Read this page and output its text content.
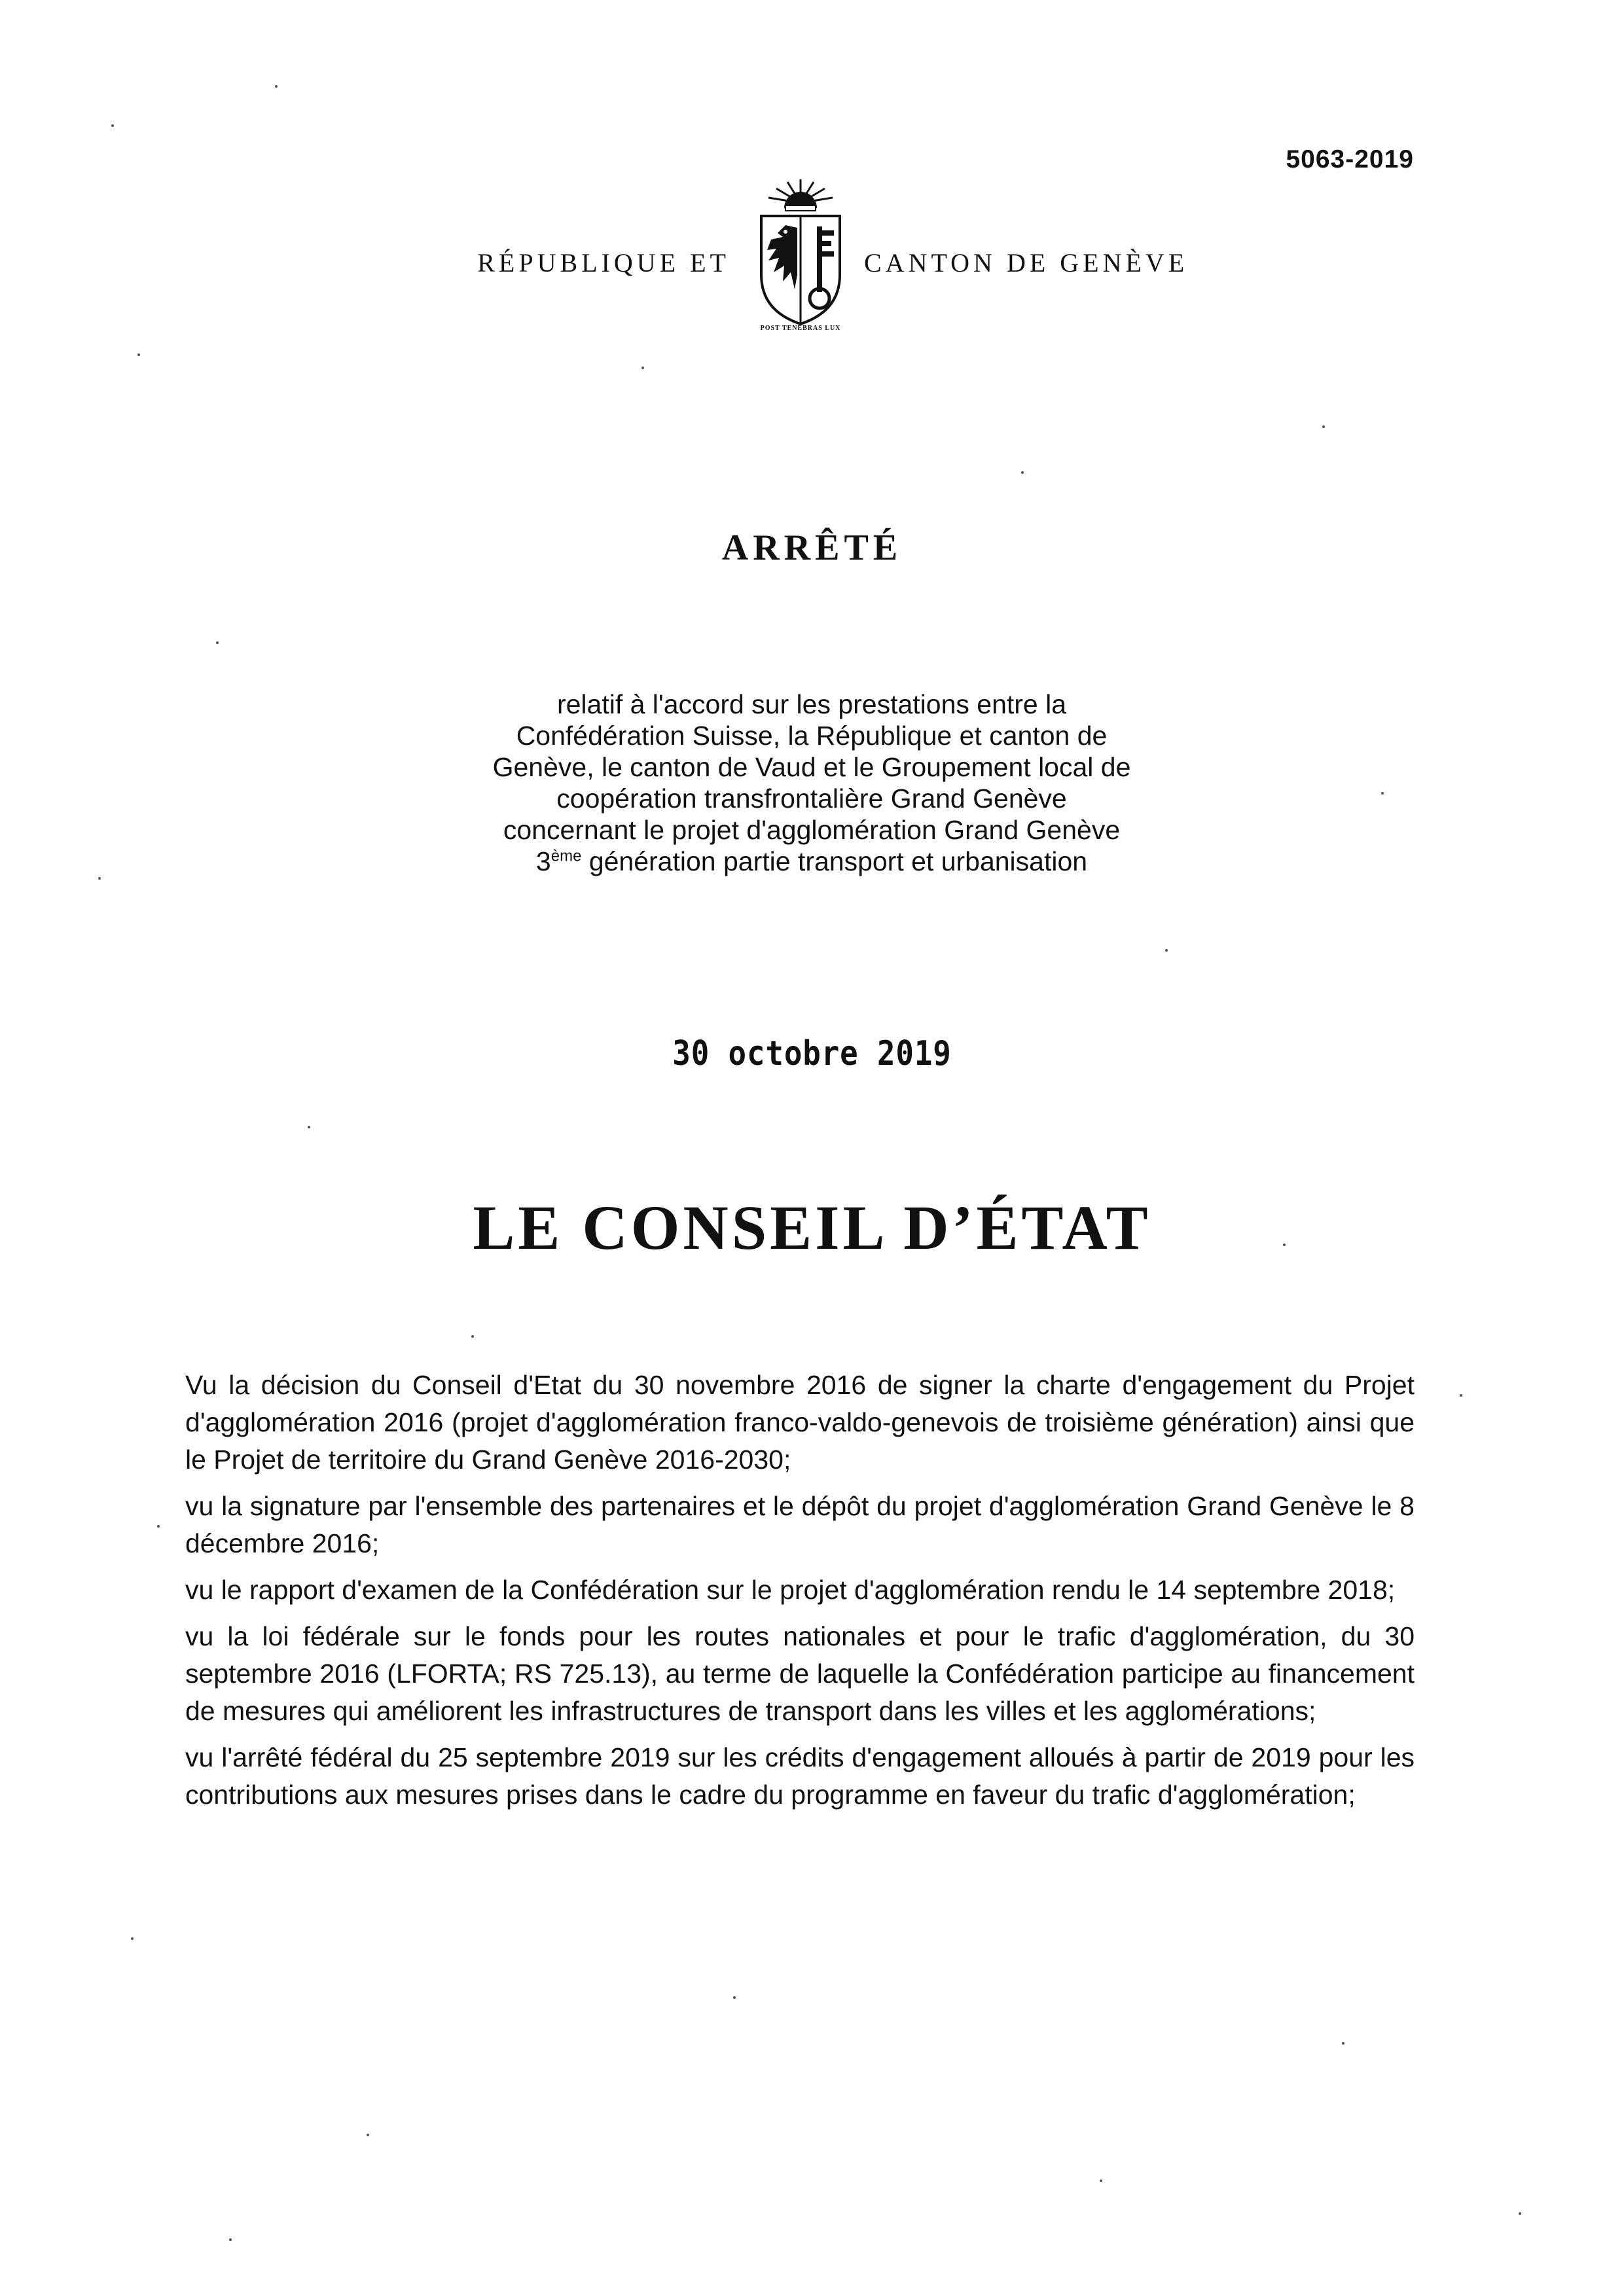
5063-2019
RÉPUBLIQUE ET
POST TENEBRAS LUX
CANTON DE GENÈVE
ARRÊTÉ

relatif à l'accord sur les prestations entre la

Confédération Suisse, la République et canton de

Genève, le canton de Vaud et le Groupement local de

coopération transfrontalière Grand Genève

concernant le projet d'agglomération Grand Genève

3ème génération partie transport et urbanisation

30 octobre 2019
LE CONSEIL D’ÉTAT

Vu la décision du Conseil d'Etat du 30 novembre 2016 de signer la charte d'engagement du Projet d'agglomération 2016 (projet d'agglomération franco-valdo-genevois de troisième génération) ainsi que le Projet de territoire du Grand Genève 2016-2030;

vu la signature par l'ensemble des partenaires et le dépôt du projet d'agglomération Grand Genève le 8 décembre 2016;

vu le rapport d'examen de la Confédération sur le projet d'agglomération rendu le 14 septembre 2018;

vu la loi fédérale sur le fonds pour les routes nationales et pour le trafic d'agglomération, du 30 septembre 2016 (LFORTA; RS 725.13), au terme de laquelle la Confédération participe au financement de mesures qui améliorent les infrastructures de transport dans les villes et les agglomérations;

vu l'arrêté fédéral du 25 septembre 2019 sur les crédits d'engagement alloués à partir de 2019 pour les contributions aux mesures prises dans le cadre du programme en faveur du trafic d'agglomération;
